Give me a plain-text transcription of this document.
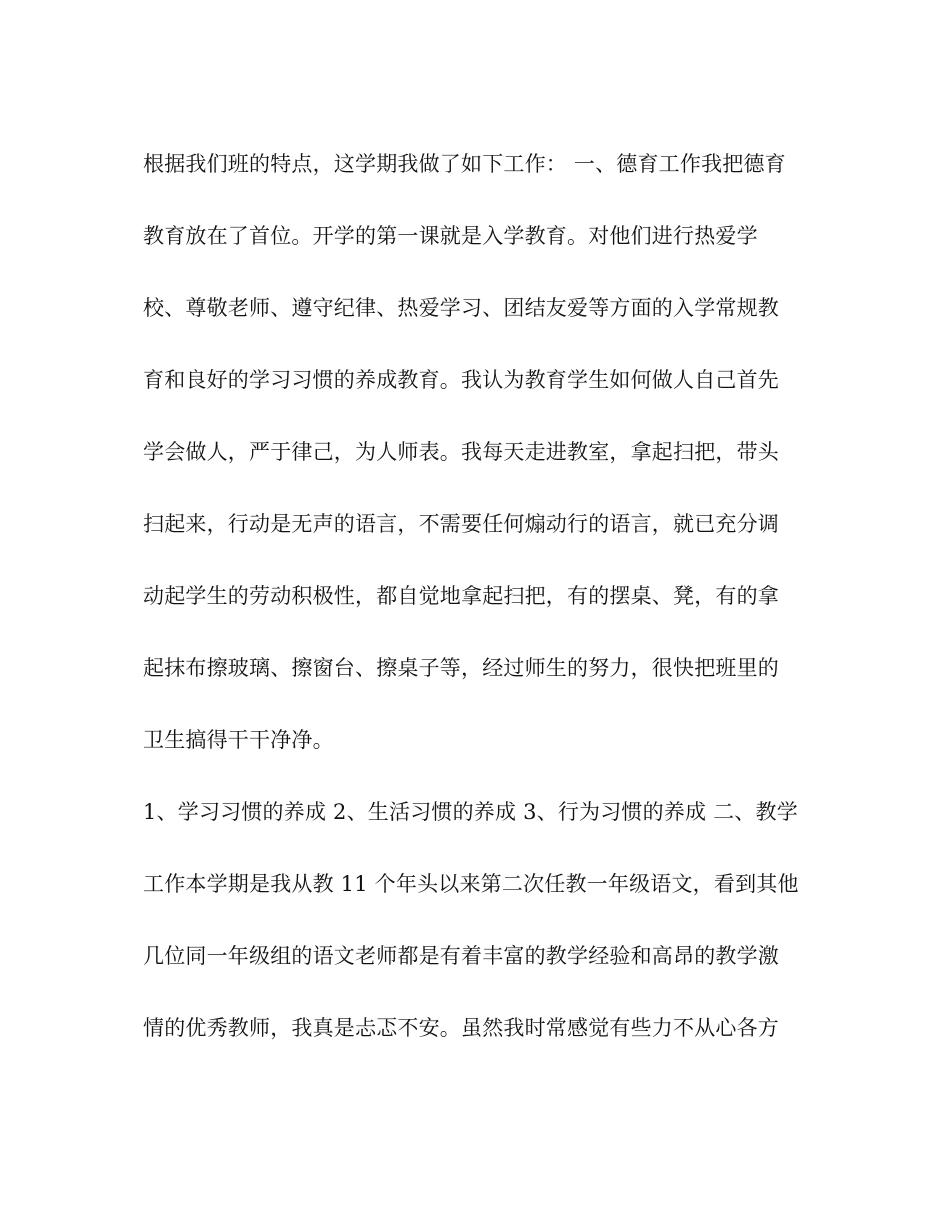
根据我们班的特点，这学期我做了如下工作： 一、德育工作我把德育
教育放在了首位。开学的第一课就是入学教育。对他们进行热爱学
校、尊敬老师、遵守纪律、热爱学习、团结友爱等方面的入学常规教
育和良好的学习习惯的养成教育。我认为教育学生如何做人自己首先
学会做人，严于律己，为人师表。我每天走进教室，拿起扫把，带头
扫起来，行动是无声的语言，不需要任何煽动行的语言，就已充分调
动起学生的劳动积极性，都自觉地拿起扫把，有的摆桌、凳，有的拿
起抹布擦玻璃、擦窗台、擦桌子等，经过师生的努力，很快把班里的
卫生搞得干干净净。
1、学习习惯的养成 2、生活习惯的养成 3、行为习惯的养成 二、教学
工作本学期是我从教 11 个年头以来第二次任教一年级语文，看到其他
几位同一年级组的语文老师都是有着丰富的教学经验和高昂的教学激
情的优秀教师，我真是忐忑不安。虽然我时常感觉有些力不从心各方
